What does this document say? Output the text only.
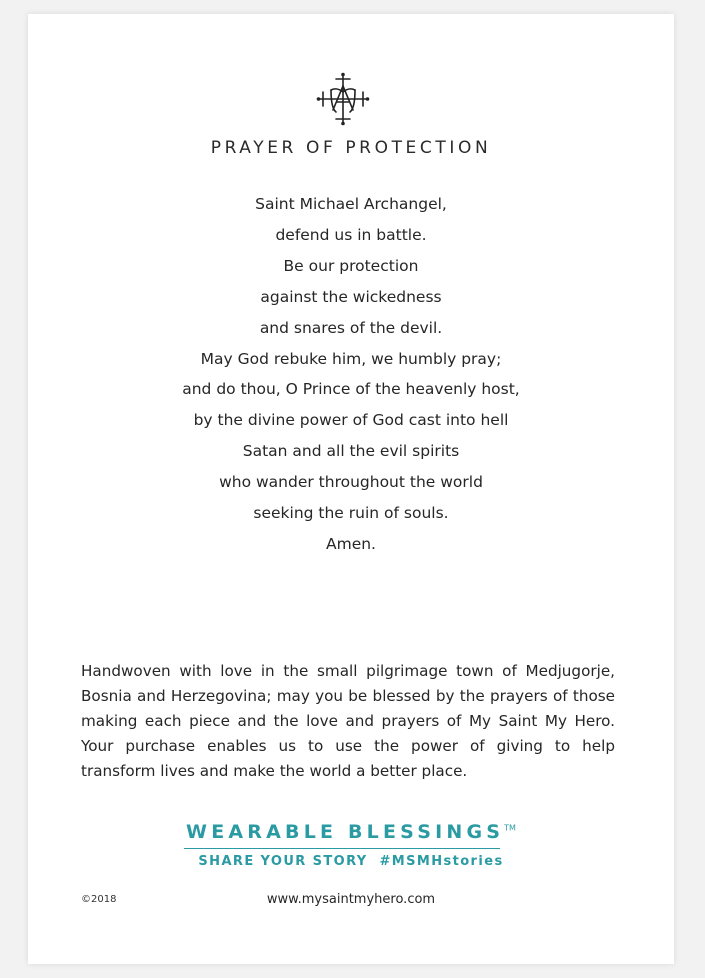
PRAYER OF PROTECTION
Saint Michael Archangel,
defend us in battle.
Be our protection
against the wickedness
and snares of the devil.
May God rebuke him, we humbly pray;
and do thou, O Prince of the heavenly host,
by the divine power of God cast into hell
Satan and all the evil spirits
who wander throughout the world
seeking the ruin of souls.
Amen.
Handwoven with love in the small pilgrimage town of Medjugorje, Bosnia and Herzegovina; may you be blessed by the prayers of those making each piece and the love and prayers of My Saint My Hero. Your purchase enables us to use the power of giving to help transform lives and make the world a better place.
WEARABLE BLESSINGS™
SHARE YOUR STORY  #MSMHstories
©2018	www.mysaintmyhero.com
